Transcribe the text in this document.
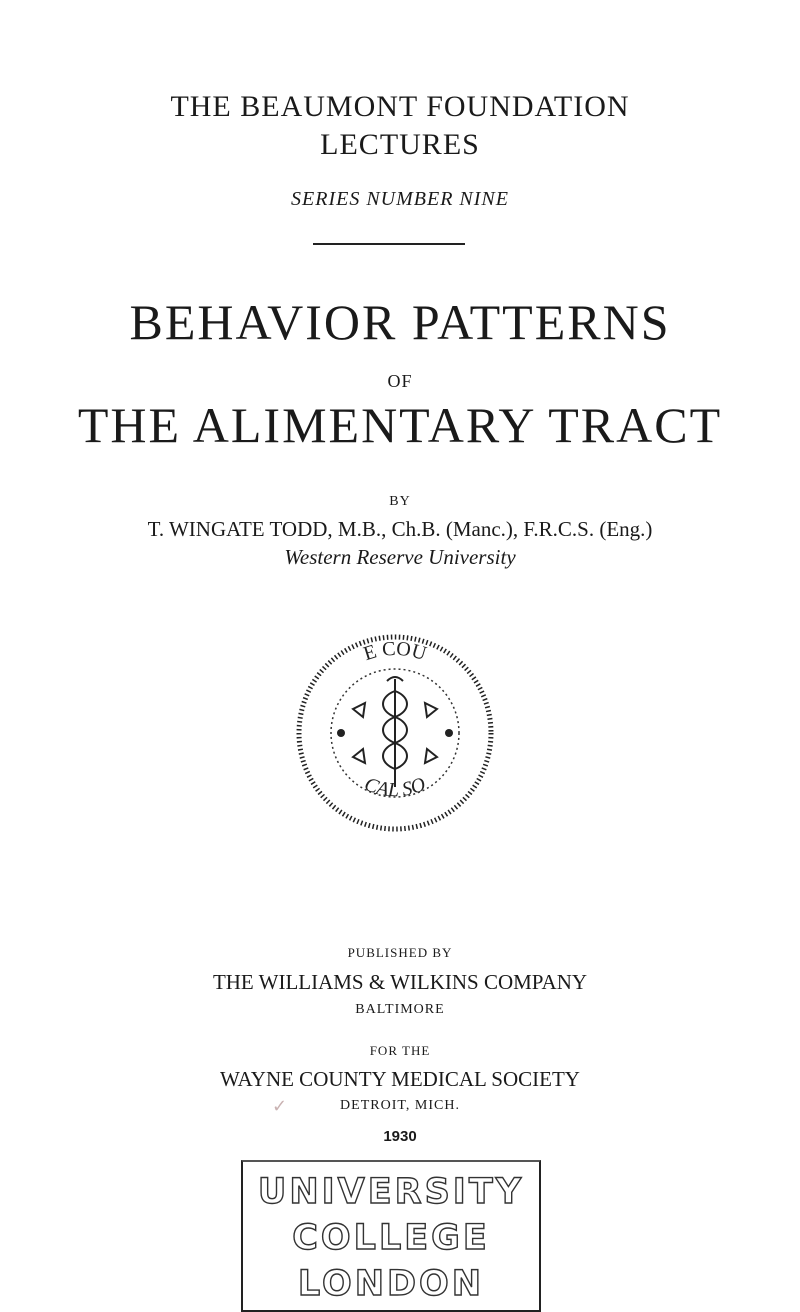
THE BEAUMONT FOUNDATION
LECTURES
SERIES NUMBER NINE
BEHAVIOR PATTERNS
OF
THE ALIMENTARY TRACT
BY
T. WINGATE TODD, M.B., Ch.B. (Manc.), F.R.C.S. (Eng.)
Western Reserve University
E COU
CAL SO
PUBLISHED BY
THE WILLIAMS & WILKINS COMPANY
BALTIMORE
FOR THE
WAYNE COUNTY MEDICAL SOCIETY
✓	DETROIT, MICH.
1930
UNIVERSITY
COLLEGE
LONDON
